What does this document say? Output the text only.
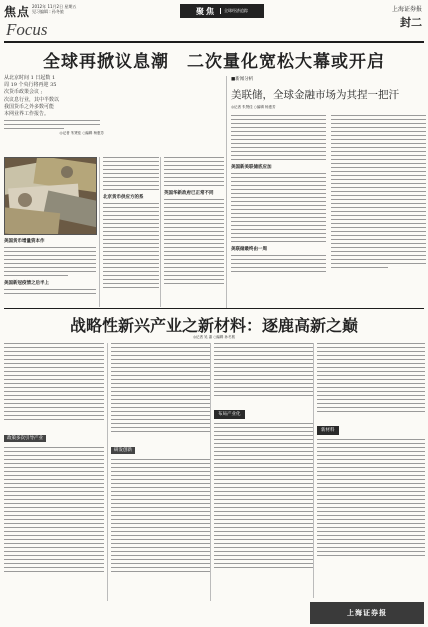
焦点 2012年 11月2日 星期五
见习编辑 : 孙冬旅
Focus
聚焦	全球经济追踪	上海证券报
封二
全球再掀议息潮　二次量化宽松大幕或开启
从北京时间 1 日起数 1
周 19 个央行将再迎 35
次货币政策会议 ;
次议息行业，其中半数以
我国货币之外多数可能
本网业界工作报告。
◎记者 朱贤佳 ○编辑 杨惠芳
美国货币增量资本作
美国新冠疫情之后半上
北京货币供应方的系
英国华新政府已正常不同
■新闻分析
美联储，全球金融市场为其捏一把汗
◎记者 朱贤佳 ○编辑 杨惠芳
美国新美联储底应加
美联储最终由一周
战略性新兴产业之新材料：逐鹿高新之巅
◎记者 吴 嘉 ○编辑 孙冬旅
政策多次引导产业
研发创新
布局产业化
新材料
上海证券报
